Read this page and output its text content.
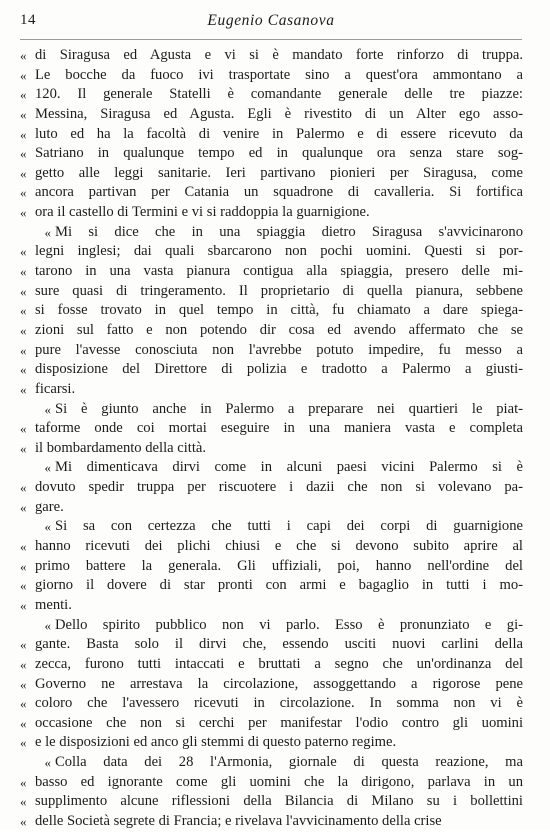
14	Eugenio Casanova
« di Siragusa ed Agusta e vi si è mandato forte rinforzo di truppa.
« Le bocche da fuoco ivi trasportate sino a quest'ora ammontano a
« 120. Il generale Statelli è comandante generale delle tre piazze:
« Messina, Siragusa ed Agusta. Egli è rivestito di un Alter ego asso-
« luto ed ha la facoltà di venire in Palermo e di essere ricevuto da
« Satriano in qualunque tempo ed in qualunque ora senza stare sog-
« getto alle leggi sanitarie. Ieri partivano pionieri per Siragusa, come
« ancora partivan per Catania un squadrone di cavalleria. Si fortifica
« ora il castello di Termini e vi si raddoppia la guarnigione.
« Mi si dice che in una spiaggia dietro Siragusa s'avvicinarono
« legni inglesi; dai quali sbarcarono non pochi uomini. Questi si por-
« tarono in una vasta pianura contigua alla spiaggia, presero delle mi-
« sure quasi di tringeramento. Il proprietario di quella pianura, sebbene
« si fosse trovato in quel tempo in città, fu chiamato a dare spiega-
« zioni sul fatto e non potendo dir cosa ed avendo affermato che se
« pure l'avesse conosciuta non l'avrebbe potuto impedire, fu messo a
« disposizione del Direttore di polizia e tradotto a Palermo a giusti-
« ficarsi.
« Si è giunto anche in Palermo a preparare nei quartieri le piat-
« taforme onde coi mortai eseguire in una maniera vasta e completa
« il bombardamento della città.
« Mi dimenticava dirvi come in alcuni paesi vicini Palermo si è
« dovuto spedir truppa per riscuotere i dazii che non si volevano pa-
« gare.
« Si sa con certezza che tutti i capi dei corpi di guarnigione
« hanno ricevuti dei plichi chiusi e che si devono subito aprire al
« primo battere la generala. Gli uffiziali, poi, hanno nell'ordine del
« giorno il dovere di star pronti con armi e bagaglio in tutti i mo-
« menti.
« Dello spirito pubblico non vi parlo. Esso è pronunziato e gi-
« gante. Basta solo il dirvi che, essendo usciti nuovi carlini della
« zecca, furono tutti intaccati e bruttati a segno che un'ordinanza del
« Governo ne arrestava la circolazione, assoggettando a rigorose pene
« coloro che l'avessero ricevuti in circolazione. In somma non vi è
« occasione che non si cerchi per manifestar l'odio contro gli uomini
« e le disposizioni ed anco gli stemmi di questo paterno regime.
« Colla data dei 28 l'Armonia, giornale di questa reazione, ma
« basso ed ignorante come gli uomini che la dirigono, parlava in un
« supplimento alcune riflessioni della Bilancia di Milano su i bollettini
« delle Società segrete di Francia; e rivelava l'avvicinamento della crise
